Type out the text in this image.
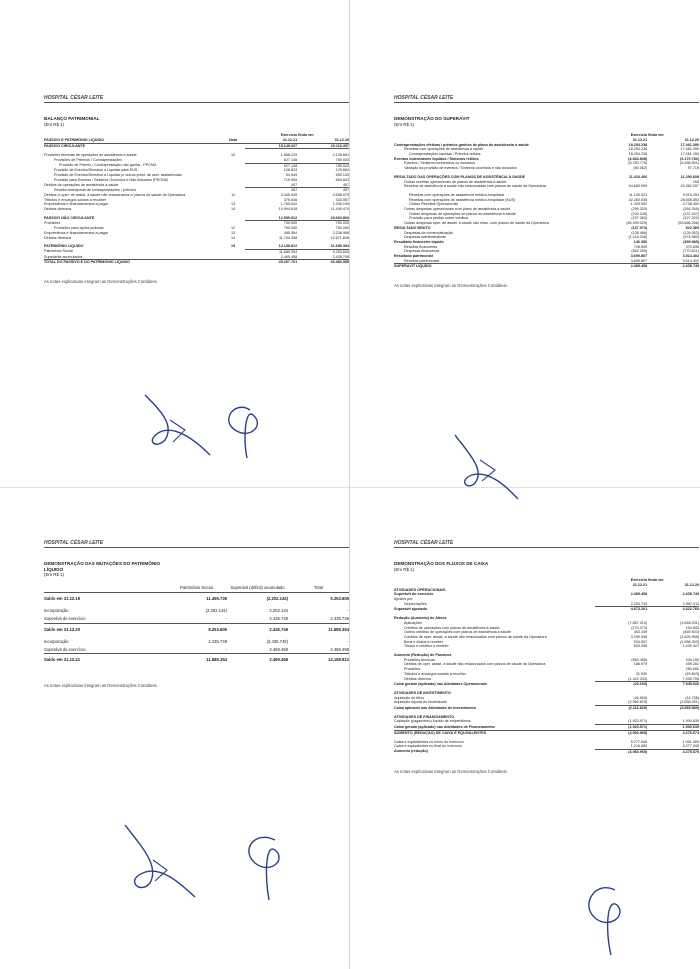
HOSPITAL CÉSAR LEITE
BALANÇO PATRIMONIAL
(Em R$ 1)
		Exercício findo em	
PASSIVO E PATRIMÔNIO LÍQUIDO	Nota	31.12.21	31.12.20
PASSIVO CIRCULANTE		18.149.037	19.116.397
Provisões técnicas de operações de assistência à saúde	10	1.568.225	2.128.681
Provisões de Prêmios / Contraprestações		627.148	789.020
Provisão de Prêmio / Contraprestação não ganha - PPCNG		627.148	789.020
Provisão de Eventos/Sinistros a Liquidar para SUS		126.823	129.684
Provisão de Eventos/Sinistros a Liquidar p/ outros prest. de serv. assistenciais		94.549	550.133
Provisão para Eventos / Sinistros Ocorridos e Não Avisados (PEONA)		719.906	659.843
Débitos de operações de assistência à saúde		457	457
Receita antecipada de contraprestações / prêmios		457	457
Débitos c/ oper. de assist. à saúde não relacionados c/ planos de saúde da Operadora	11	3.445.049	3.558.070
Tributos e encargos sociais a recolher		375.046	343.557
Empréstimos e financiamentos a pagar	13	1.765.642	1.936.199
Débitos diversos	14	10.994.618	11.449.474
PASSIVO NÃO CIRCULANTE		12.959.912	15.660.804
Provisões		750.000	750.000
Provisões para ações judiciais	12	750.000	750.000
Empréstimos e financiamentos a pagar	13	485.554	2.238.968
Débitos diversos	14	11.704.358	12.671.836
PATRIMÔNIO LÍQUIDO	15	14.158.812	11.689.354
Patrimônio Social		11.689.354	9.253.605
Superávits acumulados		2.469.458	2.435.749
TOTAL DO PASSIVO E DO PATRIMÔNIO LÍQUIDO		45.267.761	46.466.555
As notas explicativas integram as Demonstrações Contábeis.
HOSPITAL CÉSAR LEITE
DEMONSTRAÇÃO DO SUPERÁVIT
(Em R$ 1)
	Exercício findo em	
	31.12.21	31.12.20
Contraprestações efetivas / prêmios ganhos de plano de assistência à saúde	18.254.238	17.461.390
Receitas com operações de assistência à saúde	18.254.238	17.461.390
Contraprestações líquidas / Prêmios retidos	18.254.238	17.461.390
Eventos indenizáveis líquidos / Sinistros retidos	(6.843.838)	(6.170.782)
Eventos / Sinistros conhecidos ou avisados	(6.783.776)	(6.268.501)
Variação da provisão de eventos / Sinistros ocorridos e não avisados	(60.062)	97.719
RESULTADO DAS OPERAÇÕES COM PLANOS DE ASSISTÊNCIA À SAÚDE	11.410.400	11.290.608
Outras receitas operacionais de planos de assistência à saúde	-	165
Receitas de assistência à saúde não relacionadas com planos de saúde da Operadora	54.689.959	43.362.207
Receitas com operações de assistência médico-hospitalar	11.100.021	9.915.253
Receitas com operações de assistência médico-hospitalar (SUS)	42.260.036	28.608.553
Outras Receitas Operacionais	1.329.902	4.738.400
Outras despesas operacionais com plano de assistência à saúde	(299.303)	(264.349)
Outras despesas de operações de planos de assistência à saúde	(102.240)	(137.047)
Provisão para perdas sobre créditos	(197.063)	(127.302)
Outras despesas oper. de assist. à saúde não relac. com planos de saúde da Operadora	(65.939.029)	(53.866.266)
RESULTADO BRUTO	(137.973)	522.365
Despesas de comercialização	(128.466)	(126.053)
Despesas administrativas	(1.118.248)	(974.980)
Resultado financeiro líquido	146.350	(399.985)
Receitas financeiras	708.600	370.636
Despesas financeiras	(562.250)	(770.621)
Resultado patrimonial	3.699.807	3.514.402
Receitas patrimoniais	3.699.807	3.514.402
SUPERÁVIT LÍQUIDO	2.469.458	2.435.749
As notas explicativas integram as Demonstrações Contábeis.
HOSPITAL CÉSAR LEITE
DEMONSTRAÇÃO DAS MUTAÇÕES DO PATRIMÔNIO LÍQUIDO
(Em R$ 1)
	Patrimônio Social	Superávit (déficit) acumulado	Total
Saldo em 31.12.19	11.455.739	(2.202.134)	9.253.605
Incorporação	(2.202.134)	2.202.134	-
Superávit do exercício	-	2.435.749	2.435.749
Saldo em 31.12.20	9.253.605	2.435.749	11.689.354
Incorporação	2.435.749	(2.435.749)	-
Superávit do exercício	-	2.469.458	2.469.458
Saldo em 31.12.21	11.689.354	2.469.458	14.158.812
As notas explicativas integram as Demonstrações Contábeis.
HOSPITAL CÉSAR LEITE
DEMONSTRAÇÃO DOS FLUXOS DE CAIXA
(Em R$ 1)
	Exercício findo em	
	31.12.21	31.12.20
ATIVIDADES OPERACIONAIS		
Superávit do exercício	2.469.458	2.435.749
Ajustes por:		
Depreciações	2.203.743	1.987.011
Superávit ajustado	4.673.201	4.422.760
Redução (Aumento) de Ativos		
Aplicações	(7.857.214)	(1.848.201)
Créditos de operações com planos de assistência à saúde	(170.273)	104.543
Outros créditos de operações com planos de assistência à saúde	453.159	(469.503)
Créditos de oper. assist. à saúde não relacionados com planos de saúde da Operadora	3.290.938	(2.625.985)
Bens e títulos a receber	934.057	(1.998.303)
Títulos e créditos a receber	620.296	1.430.427
Aumento (Redução) de Passivos		
Provisões técnicas	(560.455)	340.100
Débitos de oper. assist. à saúde não relacionados com planos de saúde da Operadora	186.979	459.202
Provisões	-	250.000
Tributos e encargos sociais a recolher	31.530	(53.843)
Débitos diversos	(1.422.334)	7.930.706
Caixa gerado (aplicado) nas Atividades Operacionais	(20.165)	7.945.026
ATIVIDADES DE INVESTIMENTO		
Aquisição de Ativo	(46.954)	(14.738)
Aquisição líquida do Imobilizado	(2.069.875)	(3.555.251)
Caixa aplicado nas Atividades de Investimento	(2.116.829)	(3.569.989)
ATIVIDADES DE FINANCIAMENTO		
Captação (pagamento) líquido de empréstimos	(1.923.971)	1.900.639
Caixa gerado (aplicado) nas Atividades de Financiamento	(1.923.971)	1.900.639
AUMENTO (REDUÇÃO) DE CAIXA E EQUIVALENTES	(4.060.965)	4.276.674
Caixa e equivalentes no início do exercício	5.277.045	1.001.369
Caixa e equivalentes no final do exercício	1.216.080	5.277.045
Aumento (redução)	(4.060.965)	4.275.676
As notas explicativas integram as Demonstrações Contábeis.
